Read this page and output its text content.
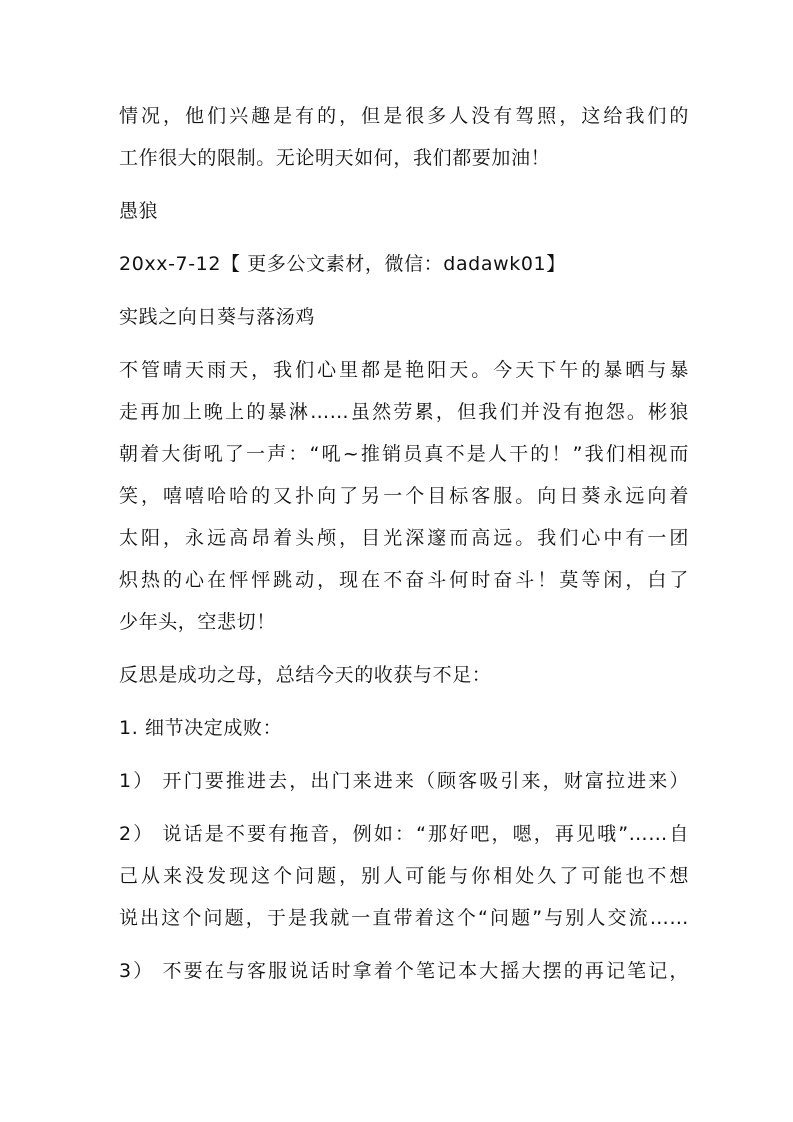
情况，他们兴趣是有的，但是很多人没有驾照，这给我们的
工作很大的限制。无论明天如何，我们都要加油！
愚狼
20xx-7-12【 更多公文素材，微信：dadawk01】
实践之向日葵与落汤鸡
不管晴天雨天，我们心里都是艳阳天。今天下午的暴晒与暴
走再加上晚上的暴淋……虽然劳累，但我们并没有抱怨。彬狼
朝着大街吼了一声：“吼~推销员真不是人干的！”我们相视而
笑，嘻嘻哈哈的又扑向了另一个目标客服。向日葵永远向着
太阳，永远高昂着头颅，目光深邃而高远。我们心中有一团
炽热的心在怦怦跳动，现在不奋斗何时奋斗！莫等闲，白了
少年头，空悲切！
反思是成功之母，总结今天的收获与不足：
1. 细节决定成败：
1） 开门要推进去，出门来进来（顾客吸引来，财富拉进来）
2） 说话是不要有拖音，例如：“那好吧，嗯，再见哦”……自
己从来没发现这个问题，别人可能与你相处久了可能也不想
说出这个问题，于是我就一直带着这个“问题”与别人交流……
3） 不要在与客服说话时拿着个笔记本大摇大摆的再记笔记，
